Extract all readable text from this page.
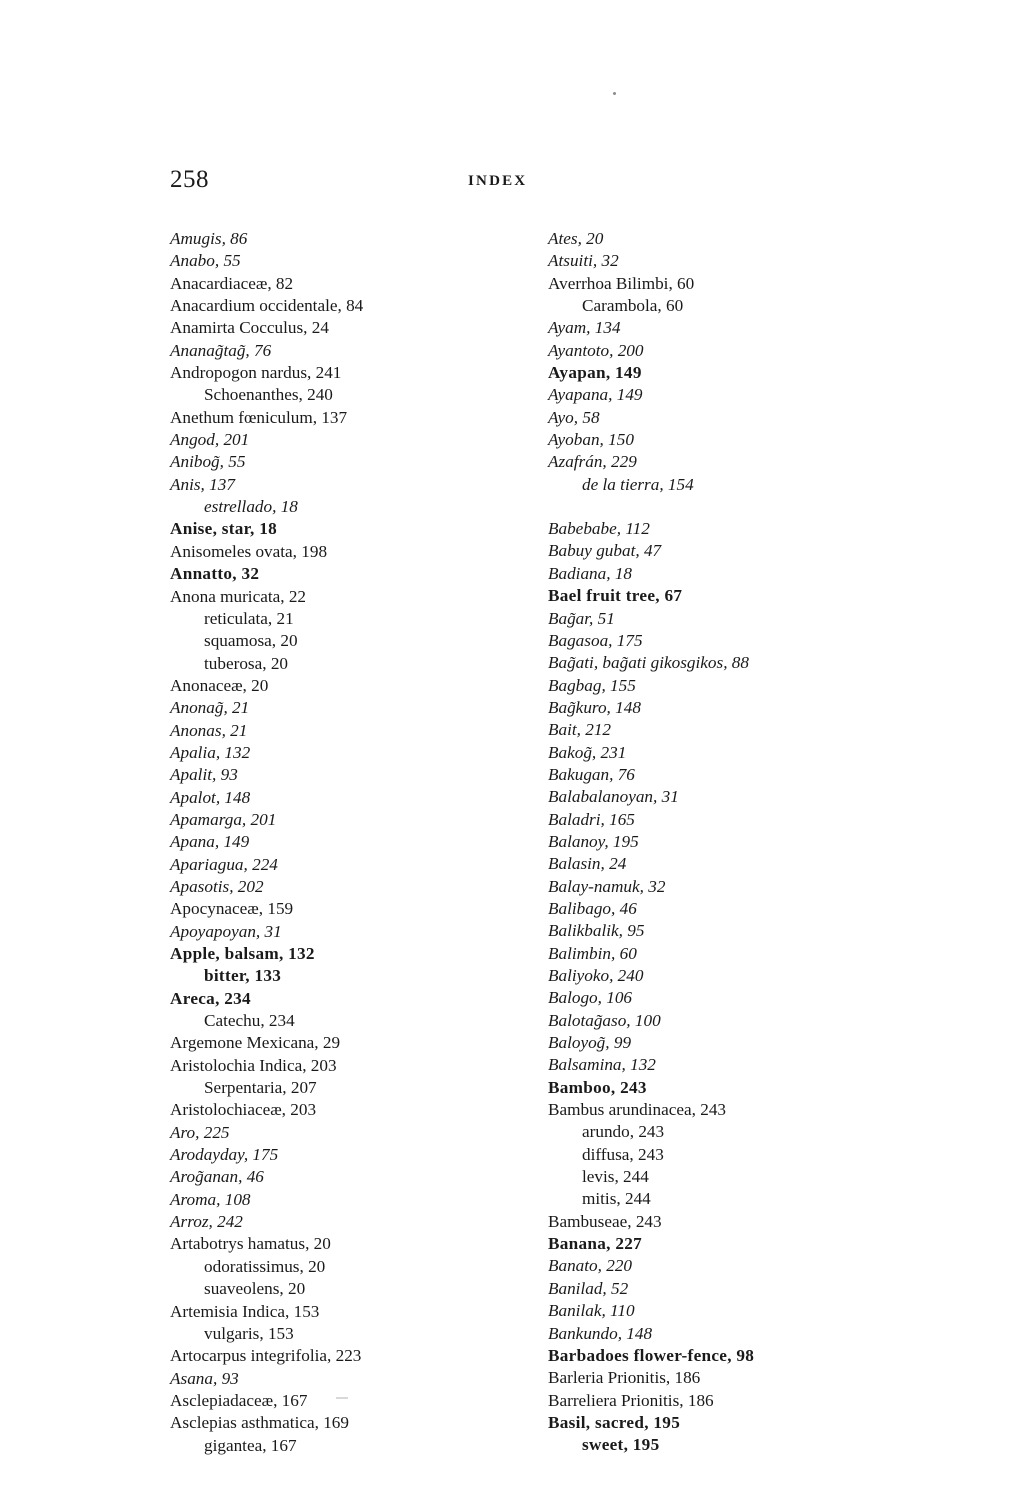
258	INDEX
Amugis, 86
Anabo, 55
Anacardiaceæ, 82
Anacardium occidentale, 84
Anamirta Cocculus, 24
Ananag̃tag̃, 76
Andropogon nardus, 241
Schoenanthes, 240
Anethum fœniculum, 137
Angod, 201
Anibog̃, 55
Anis, 137
estrellado, 18
Anise, star, 18
Anisomeles ovata, 198
Annatto, 32
Anona muricata, 22
reticulata, 21
squamosa, 20
tuberosa, 20
Anonaceæ, 20
Anonag̃, 21
Anonas, 21
Apalia, 132
Apalit, 93
Apalot, 148
Apamarga, 201
Apana, 149
Apariagua, 224
Apasotis, 202
Apocynaceæ, 159
Apoyapoyan, 31
Apple, balsam, 132
bitter, 133
Areca, 234
Catechu, 234
Argemone Mexicana, 29
Aristolochia Indica, 203
Serpentaria, 207
Aristolochiaceæ, 203
Aro, 225
Arodayday, 175
Arog̃anan, 46
Aroma, 108
Arroz, 242
Artabotrys hamatus, 20
odoratissimus, 20
suaveolens, 20
Artemisia Indica, 153
vulgaris, 153
Artocarpus integrifolia, 223
Asana, 93
Asclepiadaceæ, 167
Asclepias asthmatica, 169
gigantea, 167
Ates, 20
Atsuiti, 32
Averrhoa Bilimbi, 60
Carambola, 60
Ayam, 134
Ayantoto, 200
Ayapan, 149
Ayapana, 149
Ayo, 58
Ayoban, 150
Azafrán, 229
de la tierra, 154
Babebabe, 112
Babuy gubat, 47
Badiana, 18
Bael fruit tree, 67
Bag̃ar, 51
Bagasoa, 175
Bag̃ati, bag̃ati gikosgikos, 88
Bagbag, 155
Bag̃kuro, 148
Bait, 212
Bakog̃, 231
Bakugan, 76
Balabalanoyan, 31
Baladri, 165
Balanoy, 195
Balasin, 24
Balay-namuk, 32
Balibago, 46
Balikbalik, 95
Balimbin, 60
Baliyoko, 240
Balogo, 106
Balotag̃aso, 100
Baloyog̃, 99
Balsamina, 132
Bamboo, 243
Bambus arundinacea, 243
arundo, 243
diffusa, 243
levis, 244
mitis, 244
Bambuseae, 243
Banana, 227
Banato, 220
Banilad, 52
Banilak, 110
Bankundo, 148
Barbadoes flower-fence, 98
Barleria Prionitis, 186
Barreliera Prionitis, 186
Basil, sacred, 195
sweet, 195
